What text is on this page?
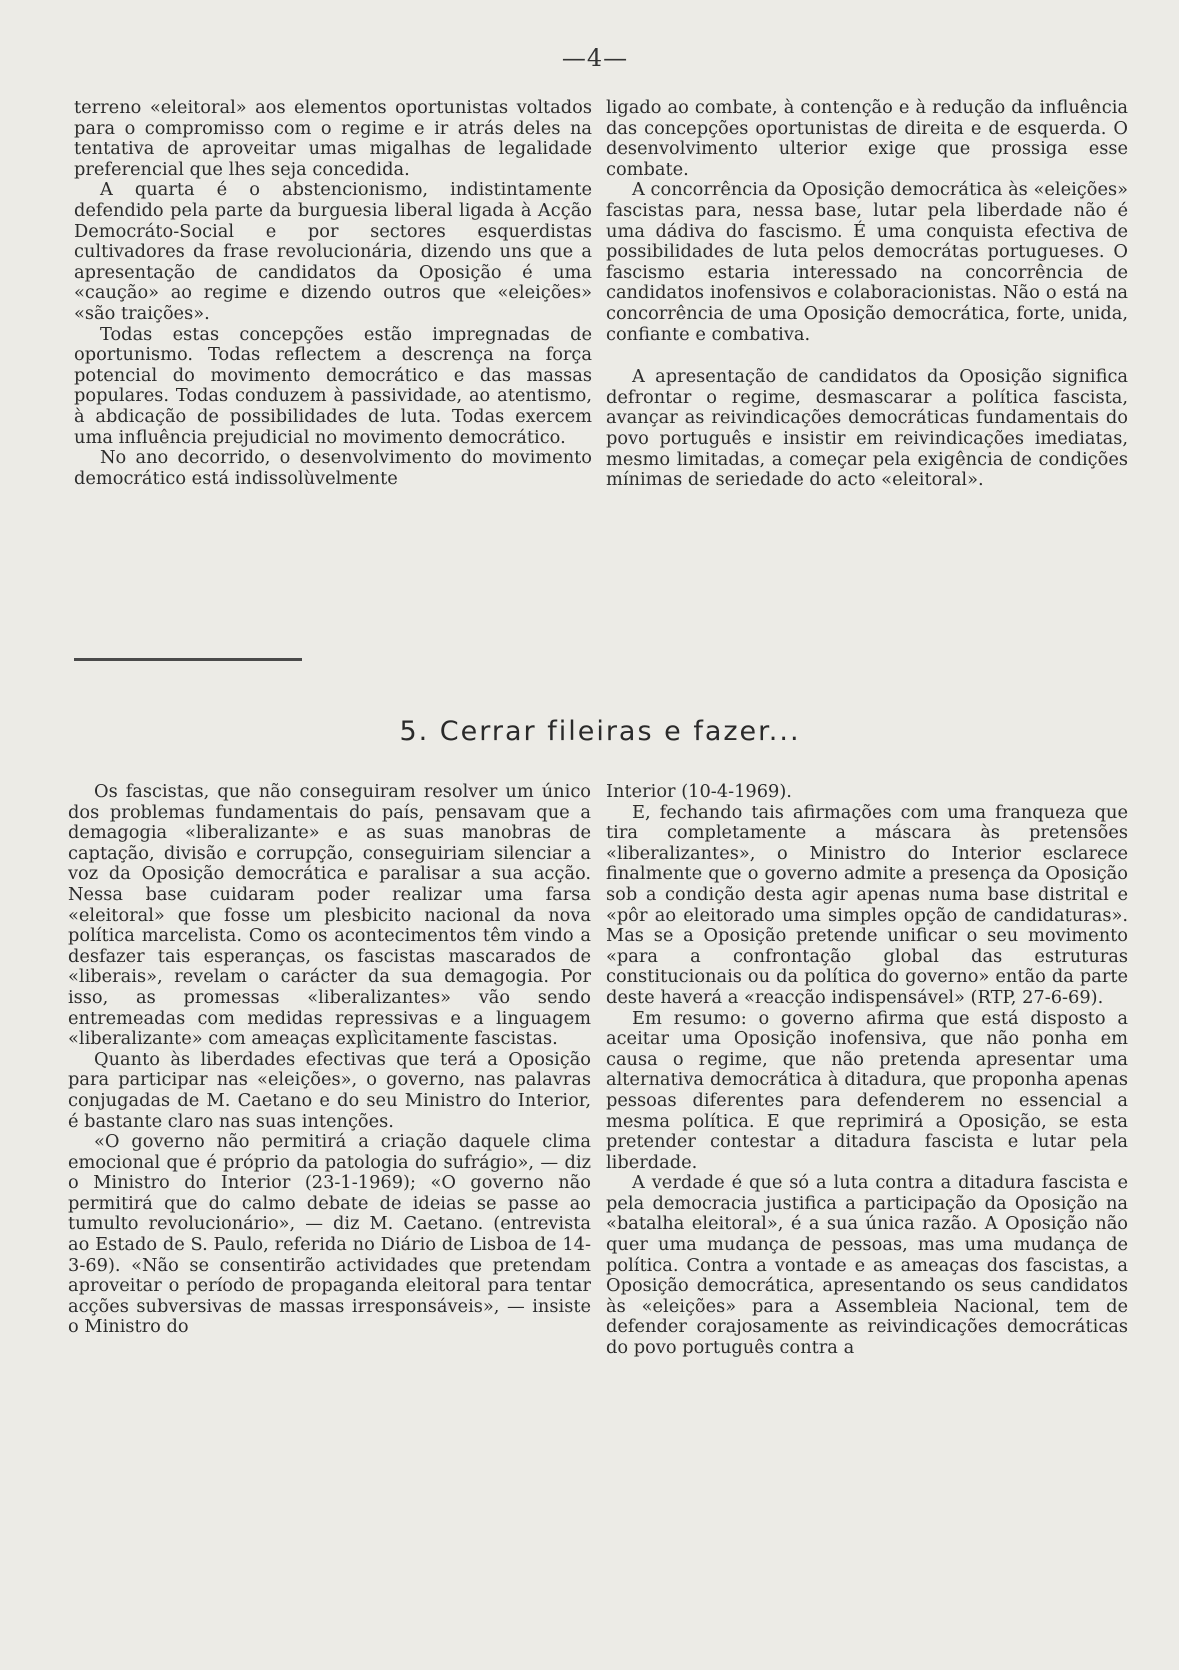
—4—

terreno «eleitoral» aos elementos oportunistas voltados para o compromisso com o regime e ir atrás deles na tentativa de aproveitar umas migalhas de legalidade preferencial que lhes seja concedida.

A quarta é o abstencionismo, indistintamente defendido pela parte da burguesia liberal ligada à Acção Democráto-Social e por sectores esquerdistas cultivadores da frase revolucionária, dizendo uns que a apresentação de candidatos da Oposição é uma «caução» ao regime e dizendo outros que «eleições» «são traições».

Todas estas concepções estão impregnadas de oportunismo. Todas reflectem a descrença na força potencial do movimento democrático e das massas populares. Todas conduzem à passividade, ao atentismo, à abdicação de possibilidades de luta. Todas exercem uma influência prejudicial no movimento democrático.

No ano decorrido, o desenvolvimento do movimento democrático está indissolùvelmente

ligado ao combate, à contenção e à redução da influência das concepções oportunistas de direita e de esquerda. O desenvolvimento ulterior exige que prossiga esse combate.

A concorrência da Oposição democrática às «eleições» fascistas para, nessa base, lutar pela liberdade não é uma dádiva do fascismo. É uma conquista efectiva de possibilidades de luta pelos democrátas portugueses. O fascismo estaria interessado na concorrência de candidatos inofensivos e colaboracionistas. Não o está na concorrência de uma Oposição democrática, forte, unida, confiante e combativa.

A apresentação de candidatos da Oposição significa defrontar o regime, desmascarar a política fascista, avançar as reivindicações democráticas fundamentais do povo português e insistir em reivindicações imediatas, mesmo limitadas, a começar pela exigência de condições mínimas de seriedade do acto «eleitoral».

5. Cerrar fileiras e fazer...

Os fascistas, que não conseguiram resolver um único dos problemas fundamentais do país, pensavam que a demagogia «liberalizante» e as suas manobras de captação, divisão e corrupção, conseguiriam silenciar a voz da Oposição democrática e paralisar a sua acção. Nessa base cuidaram poder realizar uma farsa «eleitoral» que fosse um plesbicito nacional da nova política marcelista. Como os acontecimentos têm vindo a desfazer tais esperanças, os fascistas mascarados de «liberais», revelam o carácter da sua demagogia. Por isso, as promessas «liberalizantes» vão sendo entremeadas com medidas repressivas e a linguagem «liberalizante» com ameaças explìcitamente fascistas.

Quanto às liberdades efectivas que terá a Oposição para participar nas «eleições», o governo, nas palavras conjugadas de M. Caetano e do seu Ministro do Interior, é bastante claro nas suas intenções.

«O governo não permitirá a criação daquele clima emocional que é próprio da patologia do sufrágio», — diz o Ministro do Interior (23-1-1969); «O governo não permitirá que do calmo debate de ideias se passe ao tumulto revolucionário», — diz M. Caetano. (entrevista ao Estado de S. Paulo, referida no Diário de Lisboa de 14-3-69). «Não se consentirão actividades que pretendam aproveitar o período de propaganda eleitoral para tentar acções subversivas de massas irresponsáveis», — insiste o Ministro do

Interior (10-4-1969).

E, fechando tais afirmações com uma franqueza que tira completamente a máscara às pretensões «liberalizantes», o Ministro do Interior esclarece finalmente que o governo admite a presença da Oposição sob a condição desta agir apenas numa base distrital e «pôr ao eleitorado uma simples opção de candidaturas». Mas se a Oposição pretende unificar o seu movimento «para a confrontação global das estruturas constitucionais ou da política do governo» então da parte deste haverá a «reacção indispensável» (RTP, 27-6-69).

Em resumo: o governo afirma que está disposto a aceitar uma Oposição inofensiva, que não ponha em causa o regime, que não pretenda apresentar uma alternativa democrática à ditadura, que proponha apenas pessoas diferentes para defenderem no essencial a mesma política. E que reprimirá a Oposição, se esta pretender contestar a ditadura fascista e lutar pela liberdade.

A verdade é que só a luta contra a ditadura fascista e pela democracia justifica a participação da Oposição na «batalha eleitoral», é a sua única razão. A Oposição não quer uma mudança de pessoas, mas uma mudança de política. Contra a vontade e as ameaças dos fascistas, a Oposição democrática, apresentando os seus candidatos às «eleições» para a Assembleia Nacional, tem de defender corajosamente as reivindicações democráticas do povo português contra a
